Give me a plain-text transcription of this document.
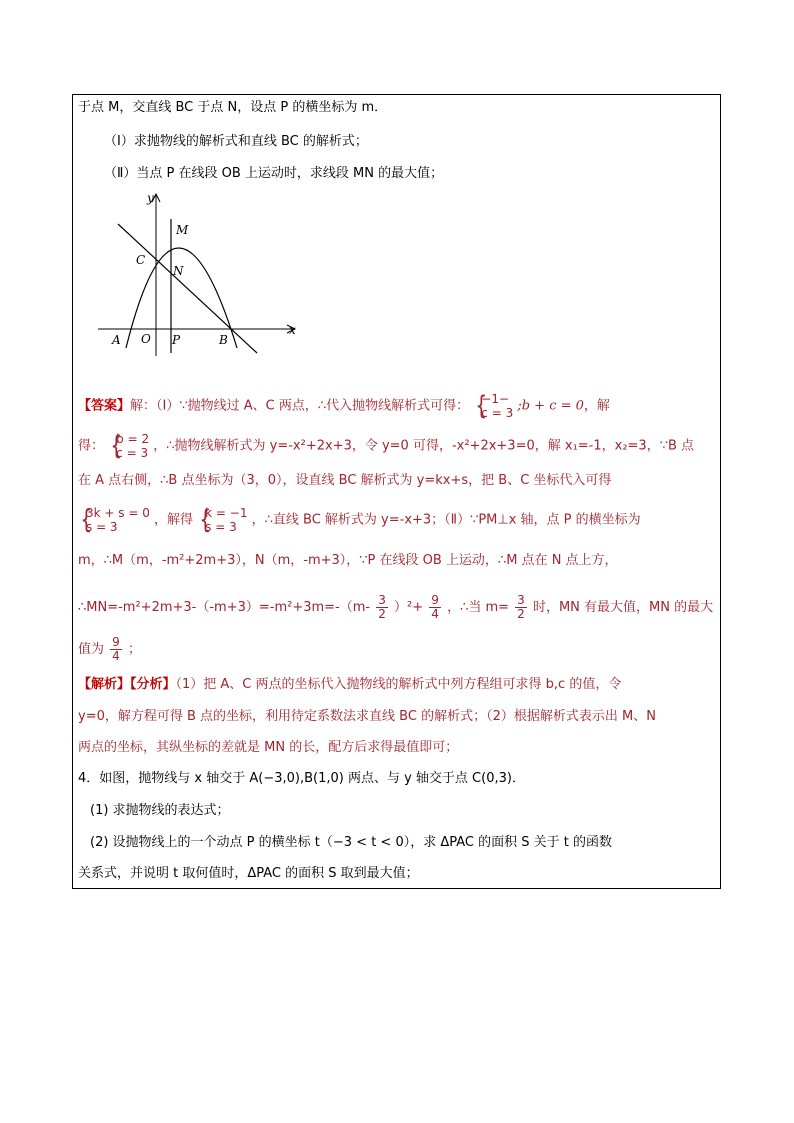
于点 M，交直线 BC 于点 N，设点 P 的横坐标为 m．
（Ⅰ）求抛物线的解析式和直线 BC 的解析式；
（Ⅱ）当点 P 在线段 OB 上运动时，求线段 MN 的最大值；
y
x
M
C
N
A O P	B
【答案】解：（Ⅰ）∵抛物线过 A、C 两点，∴代入抛物线解析式可得： { −1−
c = 3 ;b + c = 0，解
得： { b = 2
c = 3 ，∴抛物线解析式为 y=-x²+2x+3，令 y=0 可得，-x²+2x+3=0，解 x₁=-1，x₂=3，∵B 点
在 A 点右侧，∴B 点坐标为（3，0），设直线 BC 解析式为 y=kx+s，把 B、C 坐标代入可得
{ 3k + s = 0
s = 3	，解得 { k = −1
s = 3	，∴直线 BC 解析式为 y=-x+3；（Ⅱ）∵PM⊥x 轴，点 P 的横坐标为
m，∴M（m，-m²+2m+3），N（m，-m+3），∵P 在线段 OB 上运动，∴M 点在 N 点上方，
∴MN=-m²+2m+3-（-m+3）=-m²+3m=-（m- $\frac{3}{2} )^2+ \frac{9}{4}$ ，∴当 $m= \frac{3}{2}$ 时，MN 有最大值，MN 的最大
值为 $\frac{9}{4}$ ；
【解析】【分析】（1）把 A、C 两点的坐标代入抛物线的解析式中列方程组可求得 b,c 的值，令
y=0，解方程可得 B 点的坐标，利用待定系数法求直线 BC 的解析式；（2）根据解析式表示出 M、N
两点的坐标，其纵坐标的差就是 MN 的长，配方后求得最值即可；
4．如图，抛物线与 x 轴交于 A(−3,0),B(1,0) 两点、与 y 轴交于点 C(0,3)．
(1) 求抛物线的表达式；
(2) 设抛物线上的一个动点 P 的横坐标 t（−3 < t < 0），求 ΔPAC 的面积 S 关于 t 的函数
关系式，并说明 t 取何值时，ΔPAC 的面积 S 取到最大值；
